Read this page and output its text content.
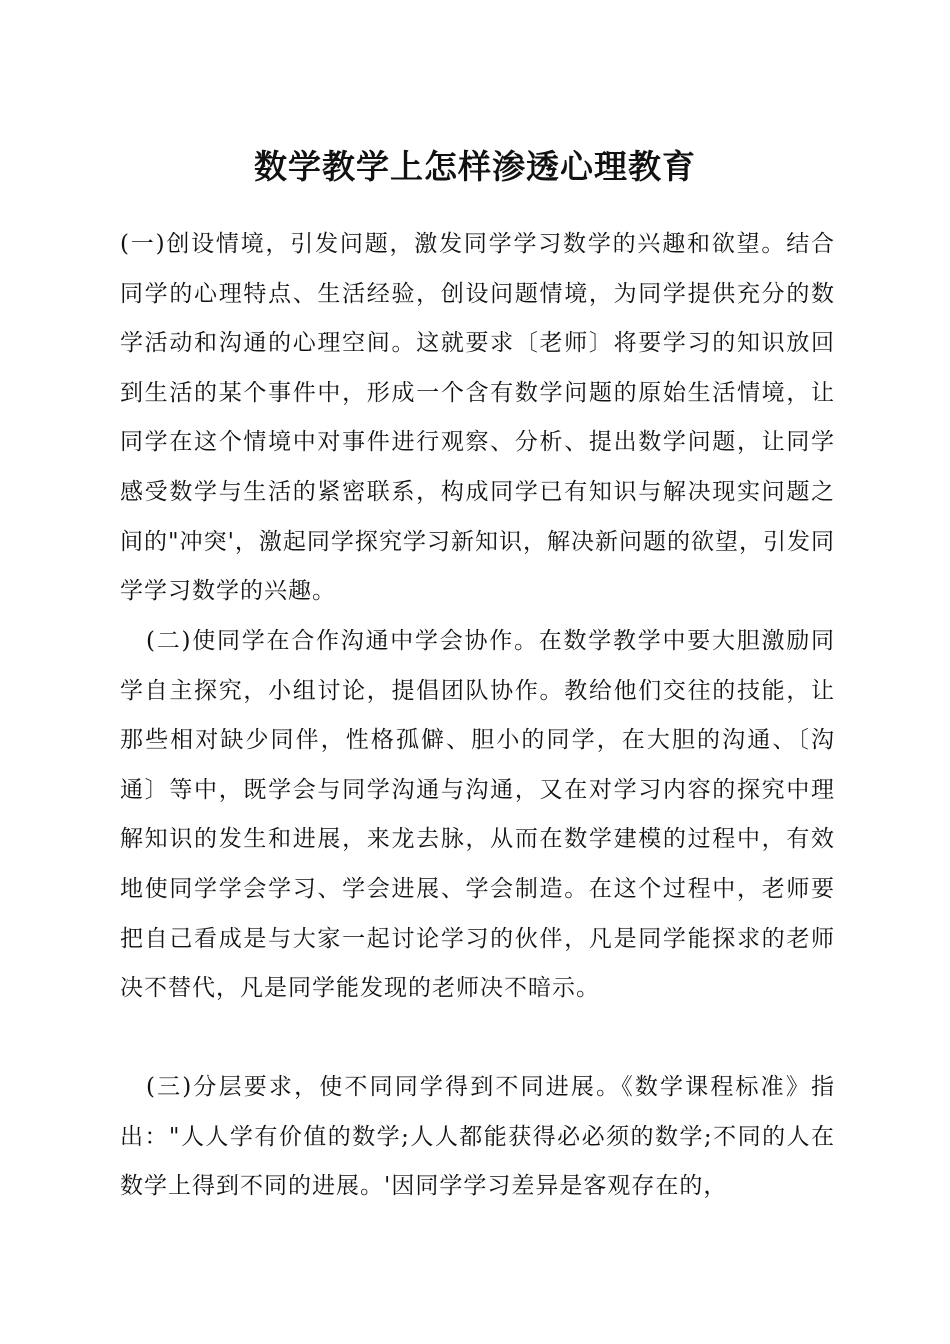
数学教学上怎样渗透心理教育
(一)创设情境，引发问题，激发同学学习数学的兴趣和欲望。结合同学的心理特点、生活经验，创设问题情境，为同学提供充分的数学活动和沟通的心理空间。这就要求〔老师〕将要学习的知识放回到生活的某个事件中，形成一个含有数学问题的原始生活情境，让同学在这个情境中对事件进行观察、分析、提出数学问题，让同学感受数学与生活的紧密联系，构成同学已有知识与解决现实问题之间的"冲突'，激起同学探究学习新知识，解决新问题的欲望，引发同学学习数学的兴趣。
(二)使同学在合作沟通中学会协作。在数学教学中要大胆激励同学自主探究，小组讨论，提倡团队协作。教给他们交往的技能，让那些相对缺少同伴，性格孤僻、胆小的同学，在大胆的沟通、〔沟通〕等中，既学会与同学沟通与沟通，又在对学习内容的探究中理解知识的发生和进展，来龙去脉，从而在数学建模的过程中，有效地使同学学会学习、学会进展、学会制造。在这个过程中，老师要把自己看成是与大家一起讨论学习的伙伴，凡是同学能探求的老师决不替代，凡是同学能发现的老师决不暗示。
(三)分层要求，使不同同学得到不同进展。《数学课程标准》指出："人人学有价值的数学;人人都能获得必必须的数学;不同的人在数学上得到不同的进展。'因同学学习差异是客观存在的，
